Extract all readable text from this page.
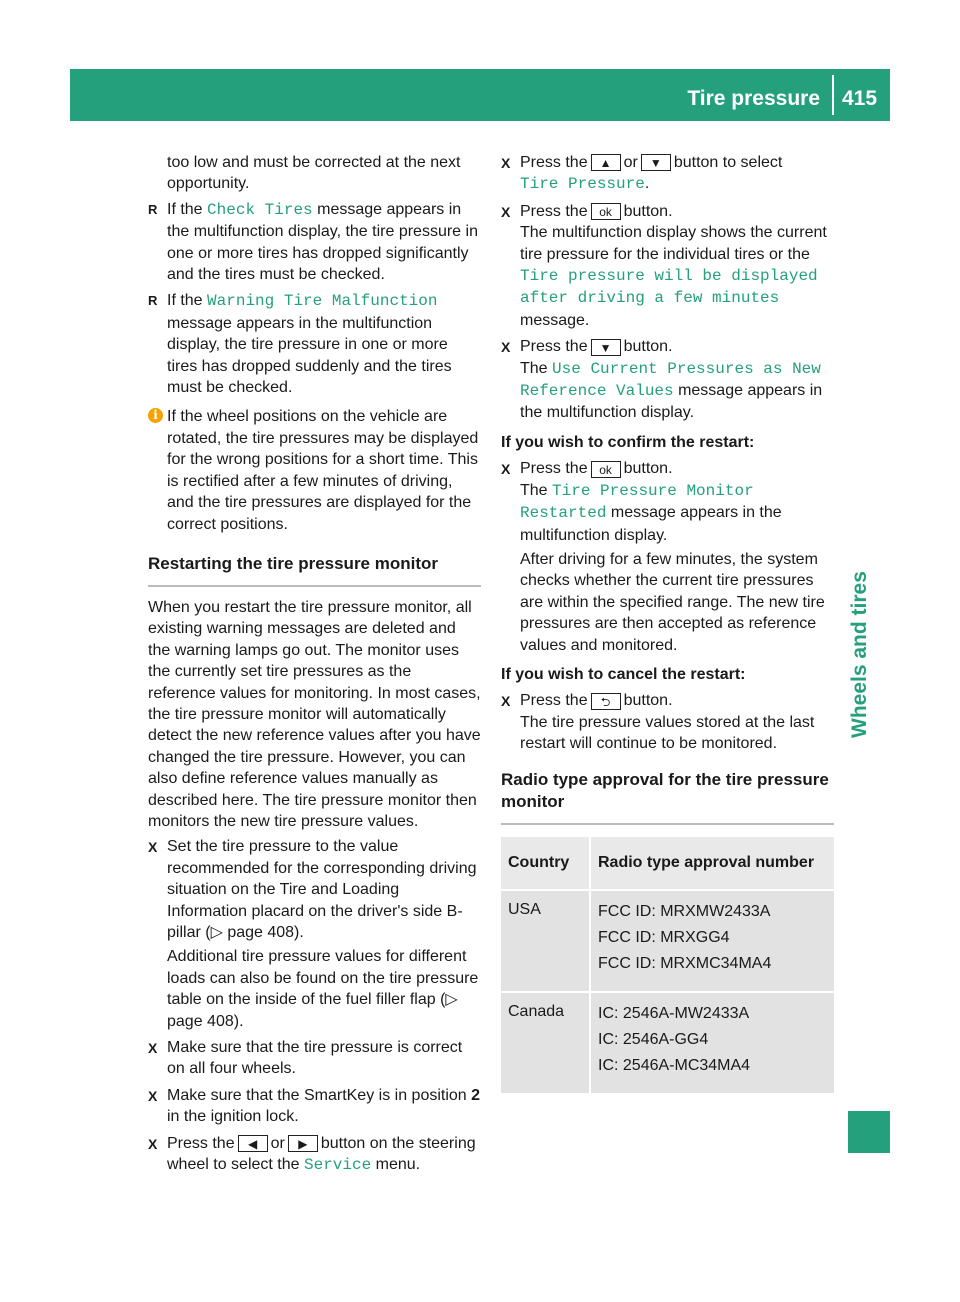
Tire pressure 415
Wheels and tires

too low and must be corrected at the next opportunity.

R If the Check Tires message appears in the multifunction display, the tire pressure in one or more tires has dropped significantly and the tires must be checked.
R If the Warning Tire Malfunction message appears in the multifunction display, the tire pressure in one or more tires has dropped suddenly and the tires must be checked.
i If the wheel positions on the vehicle are rotated, the tire pressures may be displayed for the wrong positions for a short time. This is rectified after a few minutes of driving, and the tire pressures are displayed for the correct positions.
Restarting the tire pressure monitor

When you restart the tire pressure monitor, all existing warning messages are deleted and the warning lamps go out. The monitor uses the currently set tire pressures as the reference values for monitoring. In most cases, the tire pressure monitor will automatically detect the new reference values after you have changed the tire pressure. However, you can also define reference values manually as described here. The tire pressure monitor then monitors the new tire pressure values.

X Set the tire pressure to the value recommended for the corresponding driving situation on the Tire and Loading Information placard on the driver's side B-pillar (▷ page 408).

Additional tire pressure values for different loads can also be found on the tire pressure table on the inside of the fuel filler flap (▷ page 408).

X Make sure that the tire pressure is correct on all four wheels.
X Make sure that the SmartKey is in position 2 in the ignition lock.
X Press the ◀ or ▶ button on the steering wheel to select the Service menu.
X Press the ▲ or ▼ button to select
Tire Pressure.
X Press the ok button.
The multifunction display shows the current tire pressure for the individual tires or the Tire pressure will be displayed after driving a few minutes message.
X Press the ▼ button.
The Use Current Pressures as New Reference Values message appears in the multifunction display.
If you wish to confirm the restart:
X Press the ok button.
The Tire Pressure Monitor Restarted message appears in the multifunction display.

After driving for a few minutes, the system checks whether the current tire pressures are within the specified range. The new tire pressures are then accepted as reference values and monitored.

If you wish to cancel the restart:
X Press the ⮌ button.
The tire pressure values stored at the last restart will continue to be monitored.
Radio type approval for the tire pressure monitor
Country	Radio type approval number
USA	FCC ID: MRXMW2433A
FCC ID: MRXGG4
FCC ID: MRXMC34MA4

Canada	IC: 2546A-MW2433A
IC: 2546A-GG4
IC: 2546A-MC34MA4
